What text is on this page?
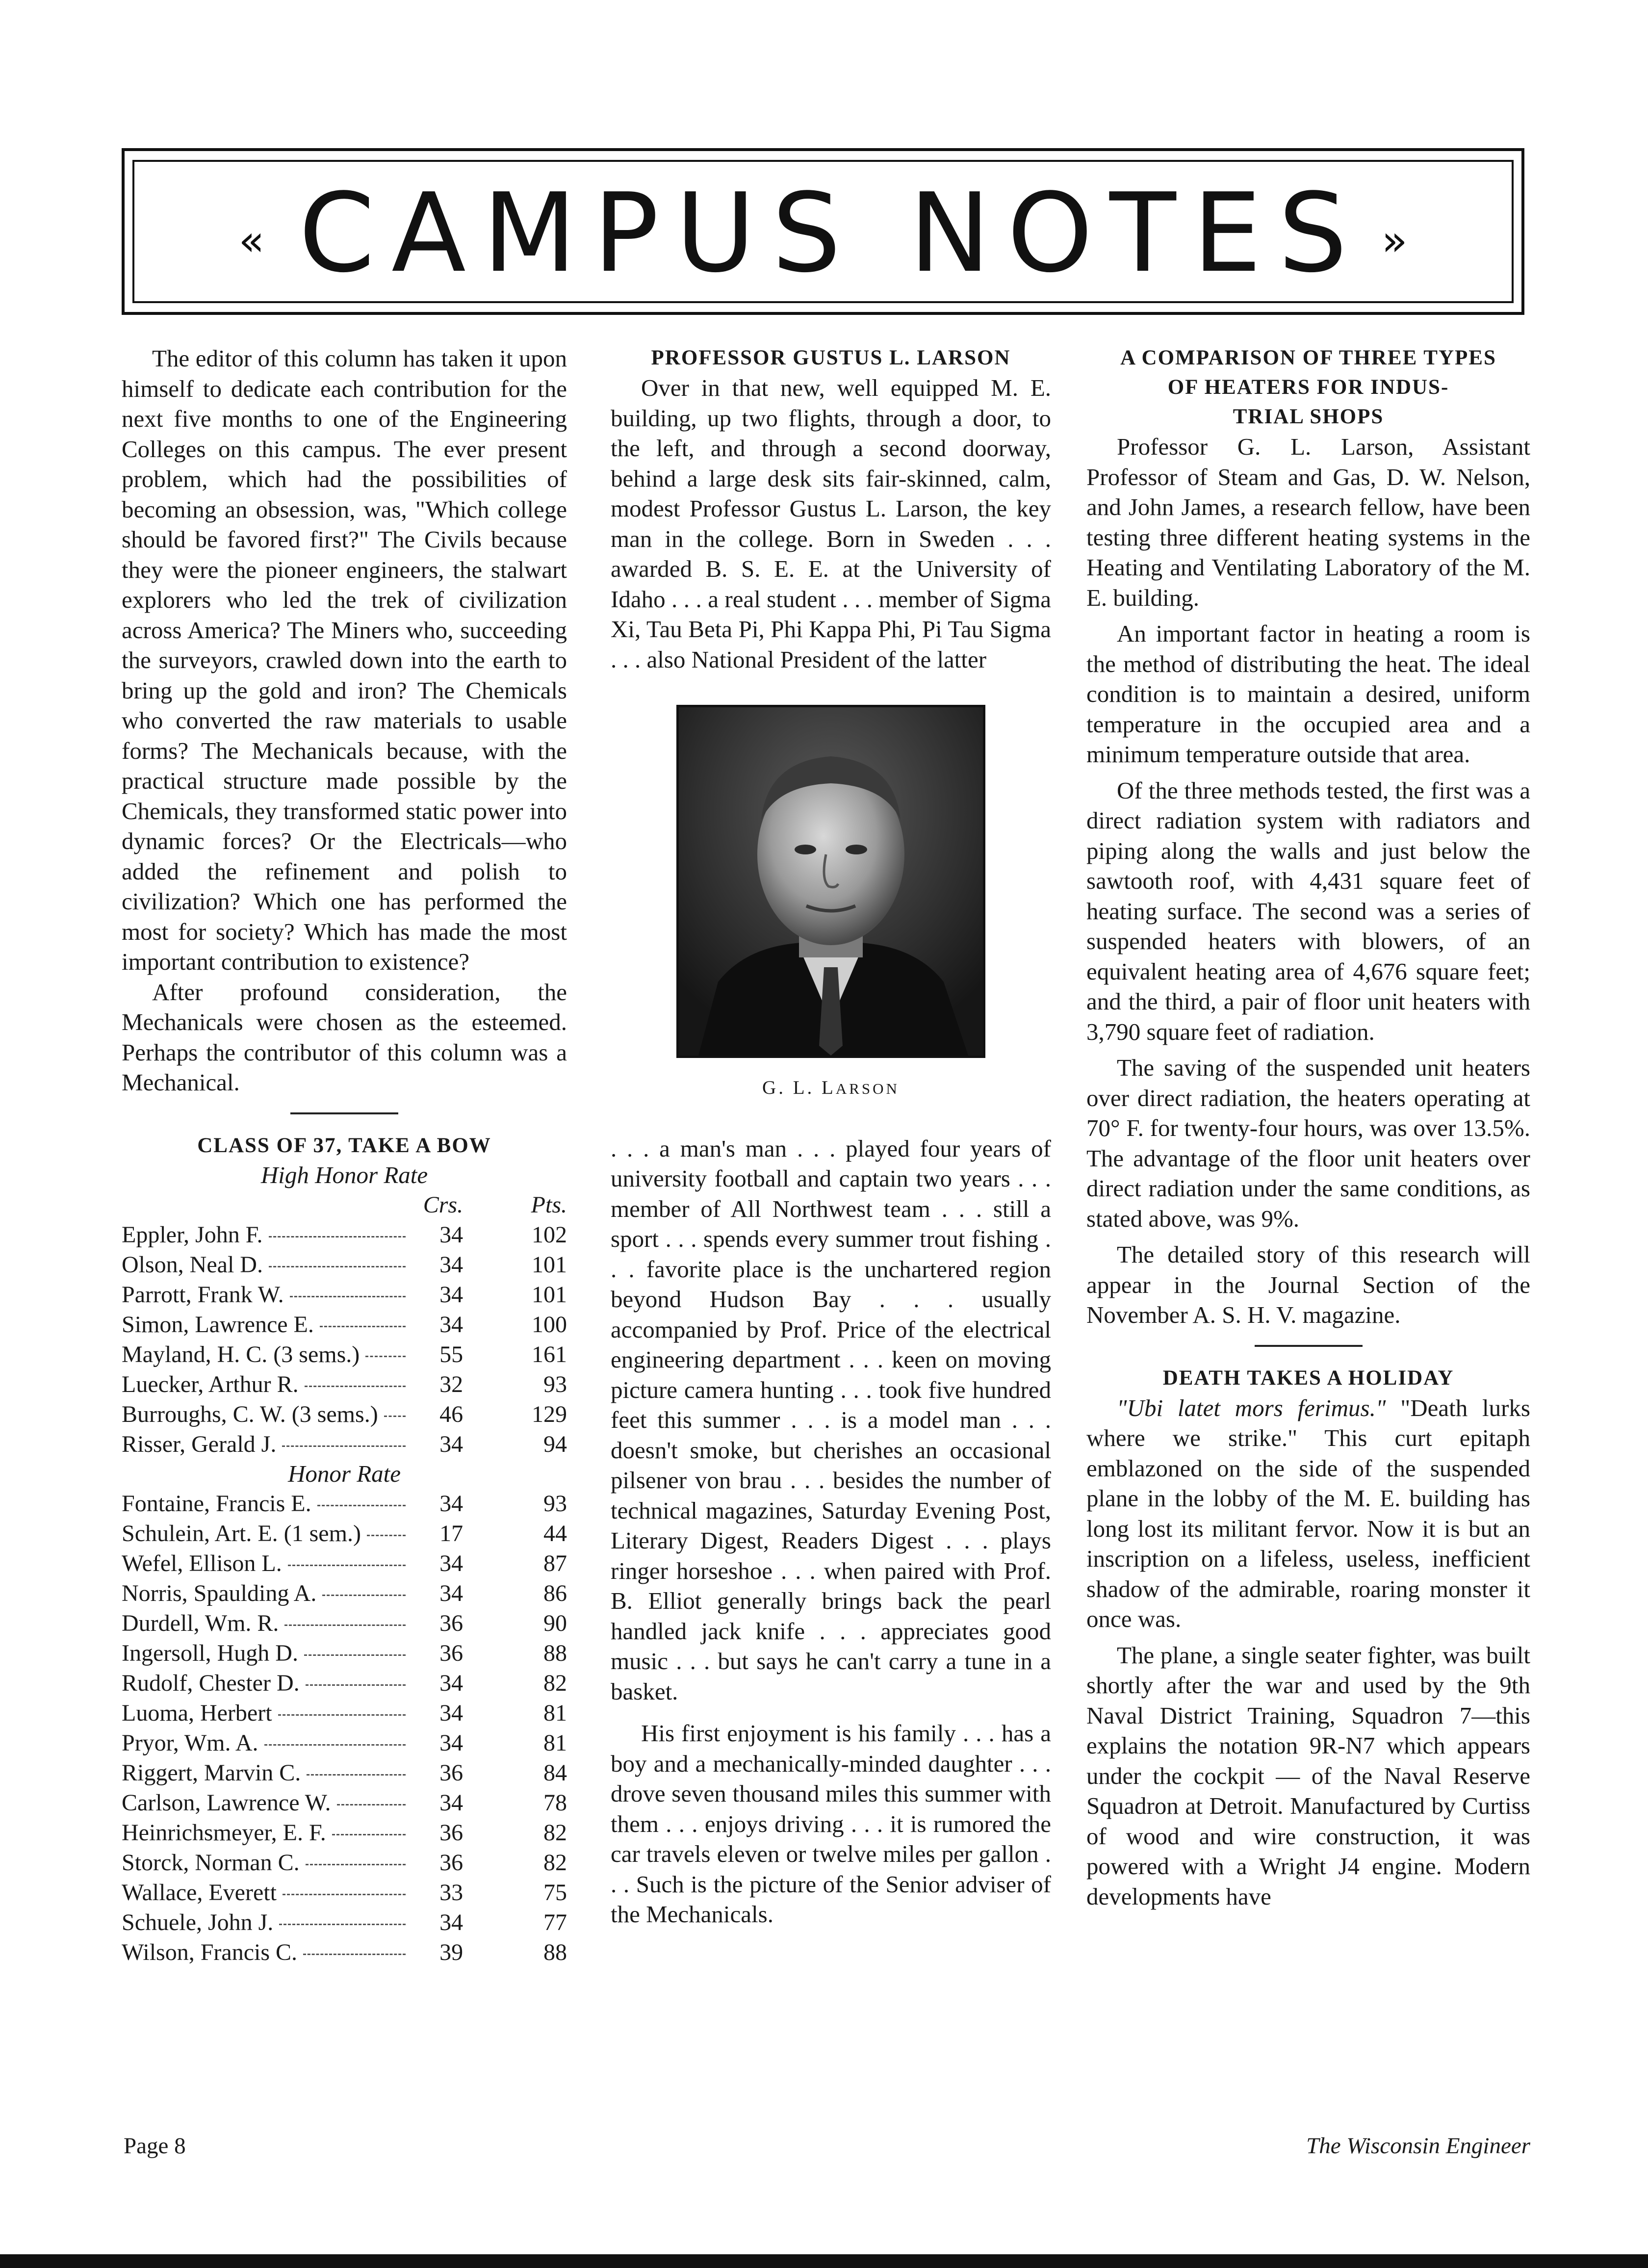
« CAMPUS NOTES »

The editor of this column has taken it upon himself to dedicate each contribution for the next five months to one of the Engineering Colleges on this campus. The ever present problem, which had the possibilities of becoming an obsession, was, "Which college should be favored first?" The Civils because they were the pioneer engineers, the stalwart explorers who led the trek of civilization across America? The Miners who, succeeding the surveyors, crawled down into the earth to bring up the gold and iron? The Chemicals who converted the raw materials to usable forms? The Mechanicals because, with the practical structure made possible by the Chemicals, they transformed static power into dynamic forces? Or the Electricals—who added the refinement and polish to civilization? Which one has performed the most for society? Which has made the most important contribution to existence?

After profound consideration, the Mechanicals were chosen as the esteemed. Perhaps the contributor of this column was a Mechanical.

CLASS OF 37, TAKE A BOW
High Honor Rate
	Crs.	Pts.
Eppler, John F.	34	102
Olson, Neal D.	34	101
Parrott, Frank W.	34	101
Simon, Lawrence E.	34	100
Mayland, H. C. (3 sems.)	55	161
Luecker, Arthur R.	32	93
Burroughs, C. W. (3 sems.)	46	129
Risser, Gerald J.	34	94
Honor Rate
Fontaine, Francis E.	34	93
Schulein, Art. E. (1 sem.)	17	44
Wefel, Ellison L.	34	87
Norris, Spaulding A.	34	86
Durdell, Wm. R.	36	90
Ingersoll, Hugh D.	36	88
Rudolf, Chester D.	34	82
Luoma, Herbert	34	81
Pryor, Wm. A.	34	81
Riggert, Marvin C.	36	84
Carlson, Lawrence W.	34	78
Heinrichsmeyer, E. F.	36	82
Storck, Norman C.	36	82
Wallace, Everett	33	75
Schuele, John J.	34	77
Wilson, Francis C.	39	88
PROFESSOR GUSTUS L. LARSON

Over in that new, well equipped M. E. building, up two flights, through a door, to the left, and through a second doorway, behind a large desk sits fair-skinned, calm, modest Professor Gustus L. Larson, the key man in the college. Born in Sweden . . . awarded B. S. E. E. at the University of Idaho . . . a real student . . . member of Sigma Xi, Tau Beta Pi, Phi Kappa Phi, Pi Tau Sigma . . . also National President of the latter

G. L. LARSON

. . . a man's man . . . played four years of university football and captain two years . . . member of All Northwest team . . . still a sport . . . spends every summer trout fishing . . . favorite place is the unchartered region beyond Hudson Bay . . . usually accompanied by Prof. Price of the electrical engineering department . . . keen on moving picture camera hunting . . . took five hundred feet this summer . . . is a model man . . . doesn't smoke, but cherishes an occasional pilsener von brau . . . besides the number of technical magazines, Saturday Evening Post, Literary Digest, Readers Digest . . . plays ringer horseshoe . . . when paired with Prof. B. Elliot generally brings back the pearl handled jack knife . . . appreciates good music . . . but says he can't carry a tune in a basket.

His first enjoyment is his family . . . has a boy and a mechanically-minded daughter . . . drove seven thousand miles this summer with them . . . enjoys driving . . . it is rumored the car travels eleven or twelve miles per gallon . . . Such is the picture of the Senior adviser of the Mechanicals.

A COMPARISON OF THREE TYPES
OF HEATERS FOR INDUS-
TRIAL SHOPS

Professor G. L. Larson, Assistant Professor of Steam and Gas, D. W. Nelson, and John James, a research fellow, have been testing three different heating systems in the Heating and Ventilating Laboratory of the M. E. building.

An important factor in heating a room is the method of distributing the heat. The ideal condition is to maintain a desired, uniform temperature in the occupied area and a minimum temperature outside that area.

Of the three methods tested, the first was a direct radiation system with radiators and piping along the walls and just below the sawtooth roof, with 4,431 square feet of heating surface. The second was a series of suspended heaters with blowers, of an equivalent heating area of 4,676 square feet; and the third, a pair of floor unit heaters with 3,790 square feet of radiation.

The saving of the suspended unit heaters over direct radiation, the heaters operating at 70° F. for twenty-four hours, was over 13.5%. The advantage of the floor unit heaters over direct radiation under the same conditions, as stated above, was 9%.

The detailed story of this research will appear in the Journal Section of the November A. S. H. V. magazine.

DEATH TAKES A HOLIDAY

"Ubi latet mors ferimus." "Death lurks where we strike." This curt epitaph emblazoned on the side of the suspended plane in the lobby of the M. E. building has long lost its militant fervor. Now it is but an inscription on a lifeless, useless, inefficient shadow of the admirable, roaring monster it once was.

The plane, a single seater fighter, was built shortly after the war and used by the 9th Naval District Training, Squadron 7—this explains the notation 9R-N7 which appears under the cockpit — of the Naval Reserve Squadron at Detroit. Manufactured by Curtiss of wood and wire construction, it was powered with a Wright J4 engine. Modern developments have

Page 8	The Wisconsin Engineer
